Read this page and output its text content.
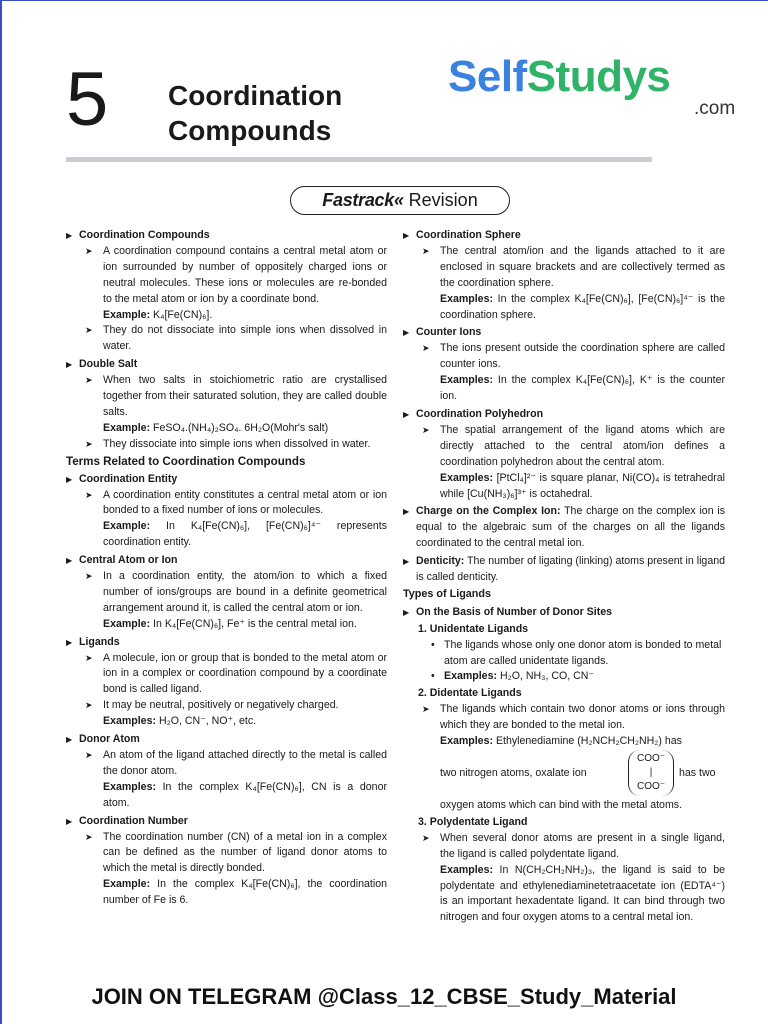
5 Coordination
Compounds
SelfStudys
.com
Fastrack« Revision
▶ Coordination Compounds
➤ A coordination compound contains a central metal atom or ion surrounded by number of oppositely charged ions or neutral molecules. These ions or molecules are re-bonded to the metal atom or ion by a coordinate bond.
Example: K₄[Fe(CN)₆].
➤ They do not dissociate into simple ions when dissolved in water.
▶ Double Salt
➤ When two salts in stoichiometric ratio are crystallised together from their saturated solution, they are called double salts.
Example: FeSO₄.(NH₄)₂SO₄. 6H₂O(Mohr's salt)
➤ They dissociate into simple ions when dissolved in water.
Terms Related to Coordination Compounds
▶ Coordination Entity
➤ A coordination entity constitutes a central metal atom or ion bonded to a fixed number of ions or molecules.
Example: In K₄[Fe(CN)₆], [Fe(CN)₆]⁴⁻ represents coordination entity.
▶ Central Atom or Ion
➤ In a coordination entity, the atom/ion to which a fixed number of ions/groups are bound in a definite geometrical arrangement around it, is called the central atom or ion.
Example: In K₄[Fe(CN)₆], Fe⁺ is the central metal ion.
▶ Ligands
➤ A molecule, ion or group that is bonded to the metal atom or ion in a complex or coordination compound by a coordinate bond is called ligand.
➤ It may be neutral, positively or negatively charged.
Examples: H₂O, CN⁻, NO⁺, etc.
▶ Donor Atom
➤ An atom of the ligand attached directly to the metal is called the donor atom.
Examples: In the complex K₄[Fe(CN)₆], CN is a donor atom.
▶ Coordination Number
➤ The coordination number (CN) of a metal ion in a complex can be defined as the number of ligand donor atoms to which the metal is directly bonded.
Example: In the complex K₄[Fe(CN)₆], the coordination number of Fe is 6.
▶ Coordination Sphere
➤ The central atom/ion and the ligands attached to it are enclosed in square brackets and are collectively termed as the coordination sphere.
Examples: In the complex K₄[Fe(CN)₆], [Fe(CN)₆]⁴⁻ is the coordination sphere.
▶ Counter Ions
➤ The ions present outside the coordination sphere are called counter ions.
Examples: In the complex K₄[Fe(CN)₆], K⁺ is the counter ion.
▶ Coordination Polyhedron
➤ The spatial arrangement of the ligand atoms which are directly attached to the central atom/ion defines a coordination polyhedron about the central atom.
Examples: [PtCl₄]²⁻ is square planar, Ni(CO)₄ is tetrahedral while [Cu(NH₃)₆]³⁺ is octahedral.
▶ Charge on the Complex Ion: The charge on the complex ion is equal to the algebraic sum of the charges on all the ligands coordinated to the central metal ion.
▶ Denticity: The number of ligating (linking) atoms present in ligand is called denticity.
Types of Ligands
▶ On the Basis of Number of Donor Sites
1. Unidentate Ligands
• The ligands whose only one donor atom is bonded to metal atom are called unidentate ligands.
• Examples: H₂O, NH₃, CO, CN⁻
2. Didentate Ligands
➤ The ligands which contain two donor atoms or ions through which they are bonded to the metal ion.
Examples: Ethylenediamine (H₂NCH₂CH₂NH₂) has
two nitrogen atoms, oxalate ion
COO⁻
|
COO⁻
has two
oxygen atoms which can bind with the metal atoms.
3. Polydentate Ligand
➤ When several donor atoms are present in a single ligand, the ligand is called polydentate ligand.
Examples: In N(CH₂CH₂NH₂)₃, the ligand is said to be polydentate and ethylenediaminetetraacetate ion (EDTA⁴⁻) is an important hexadentate ligand. It can bind through two nitrogen and four oxygen atoms to a central metal ion.
JOIN ON TELEGRAM @Class_12_CBSE_Study_Material
